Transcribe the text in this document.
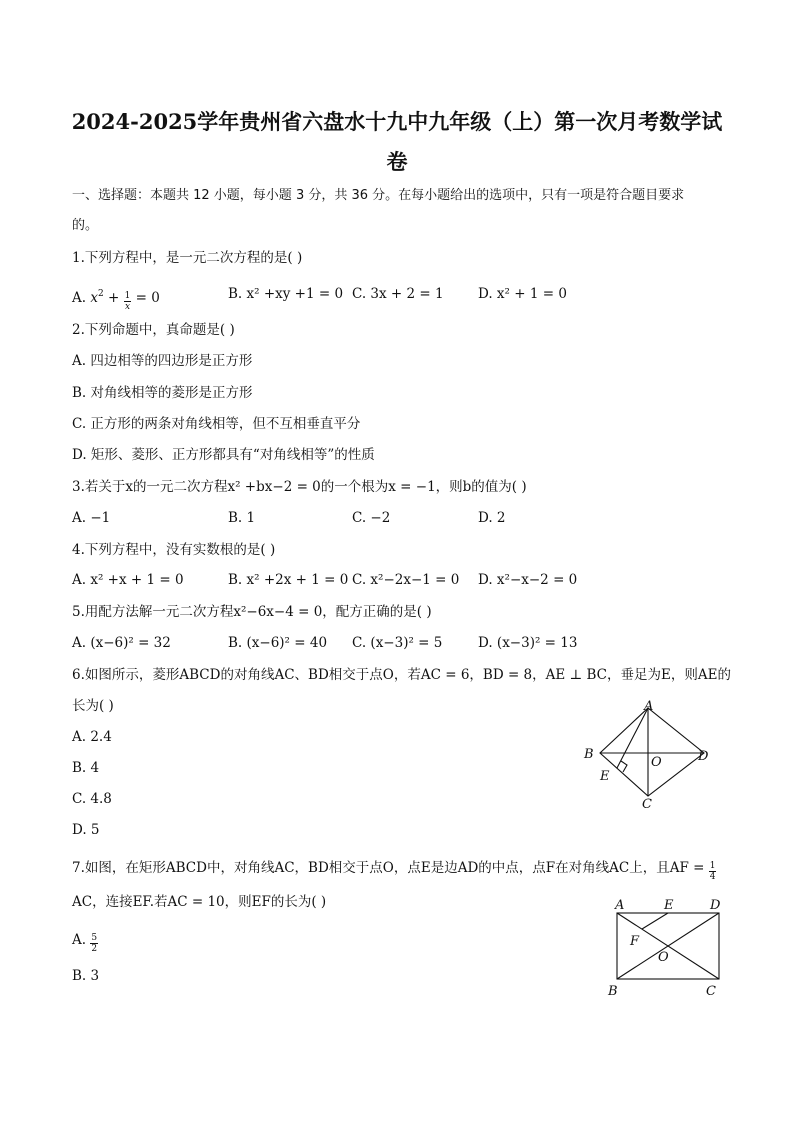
2024-2025学年贵州省六盘水十九中九年级（上）第一次月考数学试
卷
一、选择题：本题共 12 小题，每小题 3 分，共 36 分。在每小题给出的选项中，只有一项是符合题目要求
的。
1.下列方程中，是一元二次方程的是( )
A. $x^2 + \frac{1}{x} = 0$	B. x² +xy +1 = 0 C. 3x + 2 = 1	D. x² + 1 = 0
2.下列命题中，真命题是( )
A. 四边相等的四边形是正方形
B. 对角线相等的菱形是正方形
C. 正方形的两条对角线相等，但不互相垂直平分
D. 矩形、菱形、正方形都具有“对角线相等”的性质
3.若关于x的一元二次方程x² +bx−2 = 0的一个根为x = −1，则b的值为( )
A. −1	B. 1	C. −2	D. 2
4.下列方程中，没有实数根的是( )
A. x² +x + 1 = 0	B. x² +2x + 1 = 0 C. x²−2x−1 = 0 D. x²−x−2 = 0
5.用配方法解一元二次方程x²−6x−4 = 0，配方正确的是( )
A. (x−6)² = 32	B. (x−6)² = 40 C. (x−3)² = 5	D. (x−3)² = 13
6.如图所示，菱形ABCD的对角线AC、BD相交于点O，若AC = 6，BD = 8，AE ⊥ BC，垂足为E，则AE的
长为( )
A. 2.4
B. 4
C. 4.8
D. 5
A
B
C
D
E
O
7.如图，在矩形ABCD中，对角线AC，BD相交于点O，点E是边AD的中点，点F在对角线AC上，且AF = $\frac{1}{4}$
AC，连接EF.若AC = 10，则EF的长为( )
A. $\frac{5}{2}$
B. 3
A	E	D
F
O
B	C
